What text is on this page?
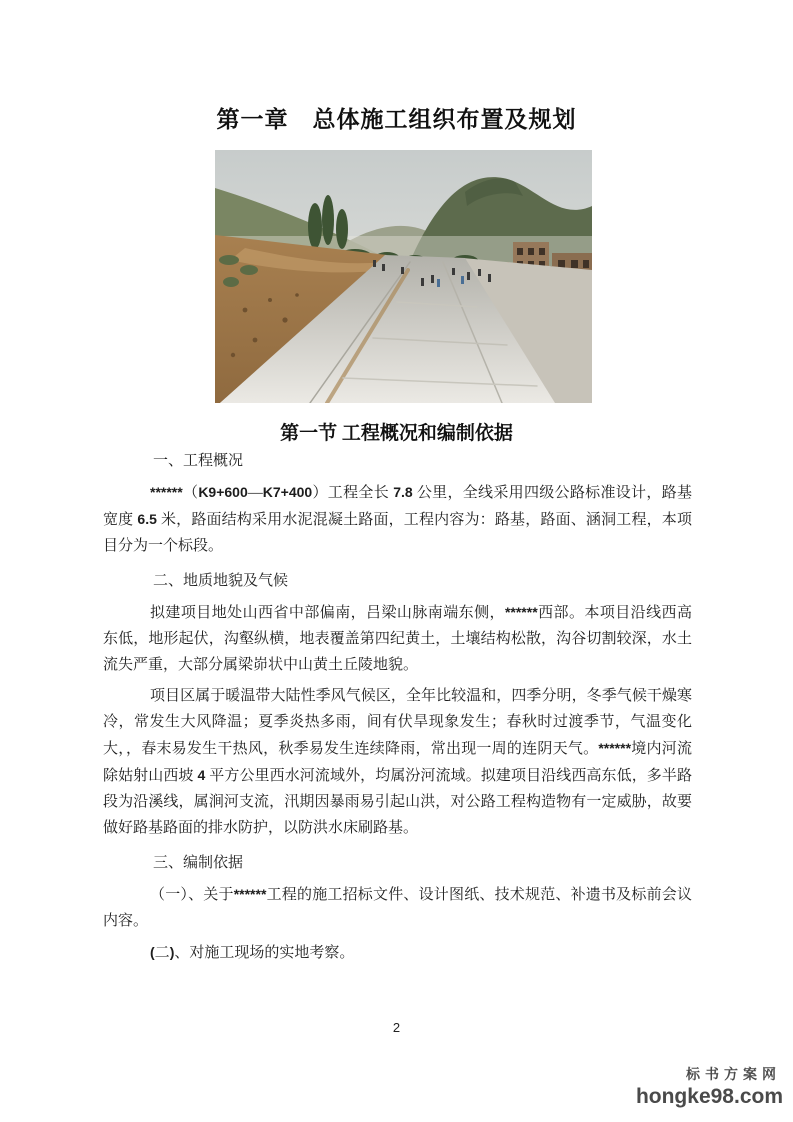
第一章　总体施工组织布置及规划
第一节 工程概况和编制依据

一、工程概况

******（K9+600—K7+400）工程全长 7.8 公里，全线采用四级公路标准设计，路基宽度 6.5 米，路面结构采用水泥混凝土路面，工程内容为：路基，路面、涵洞工程，本项目分为一个标段。

二、地质地貌及气候

拟建项目地处山西省中部偏南，吕梁山脉南端东侧，******西部。本项目沿线西高东低，地形起伏，沟壑纵横，地表覆盖第四纪黄土，土壤结构松散，沟谷切割较深，水土流失严重，大部分属梁峁状中山黄土丘陵地貌。

项目区属于暖温带大陆性季风气候区，全年比较温和，四季分明，冬季气候干燥寒冷，常发生大风降温；夏季炎热多雨，间有伏旱现象发生；春秋时过渡季节，气温变化大，，春末易发生干热风，秋季易发生连续降雨，常出现一周的连阴天气。******境内河流除姑射山西坡 4 平方公里西水河流域外，均属汾河流域。拟建项目沿线西高东低，多半路段为沿溪线，属涧河支流，汛期因暴雨易引起山洪，对公路工程构造物有一定威胁，故要做好路基路面的排水防护，以防洪水床刷路基。

三、编制依据

（一）、关于******工程的施工招标文件、设计图纸、技术规范、补遗书及标前会议内容。

(二)、对施工现场的实地考察。

2
标书方案网
hongke98.com
